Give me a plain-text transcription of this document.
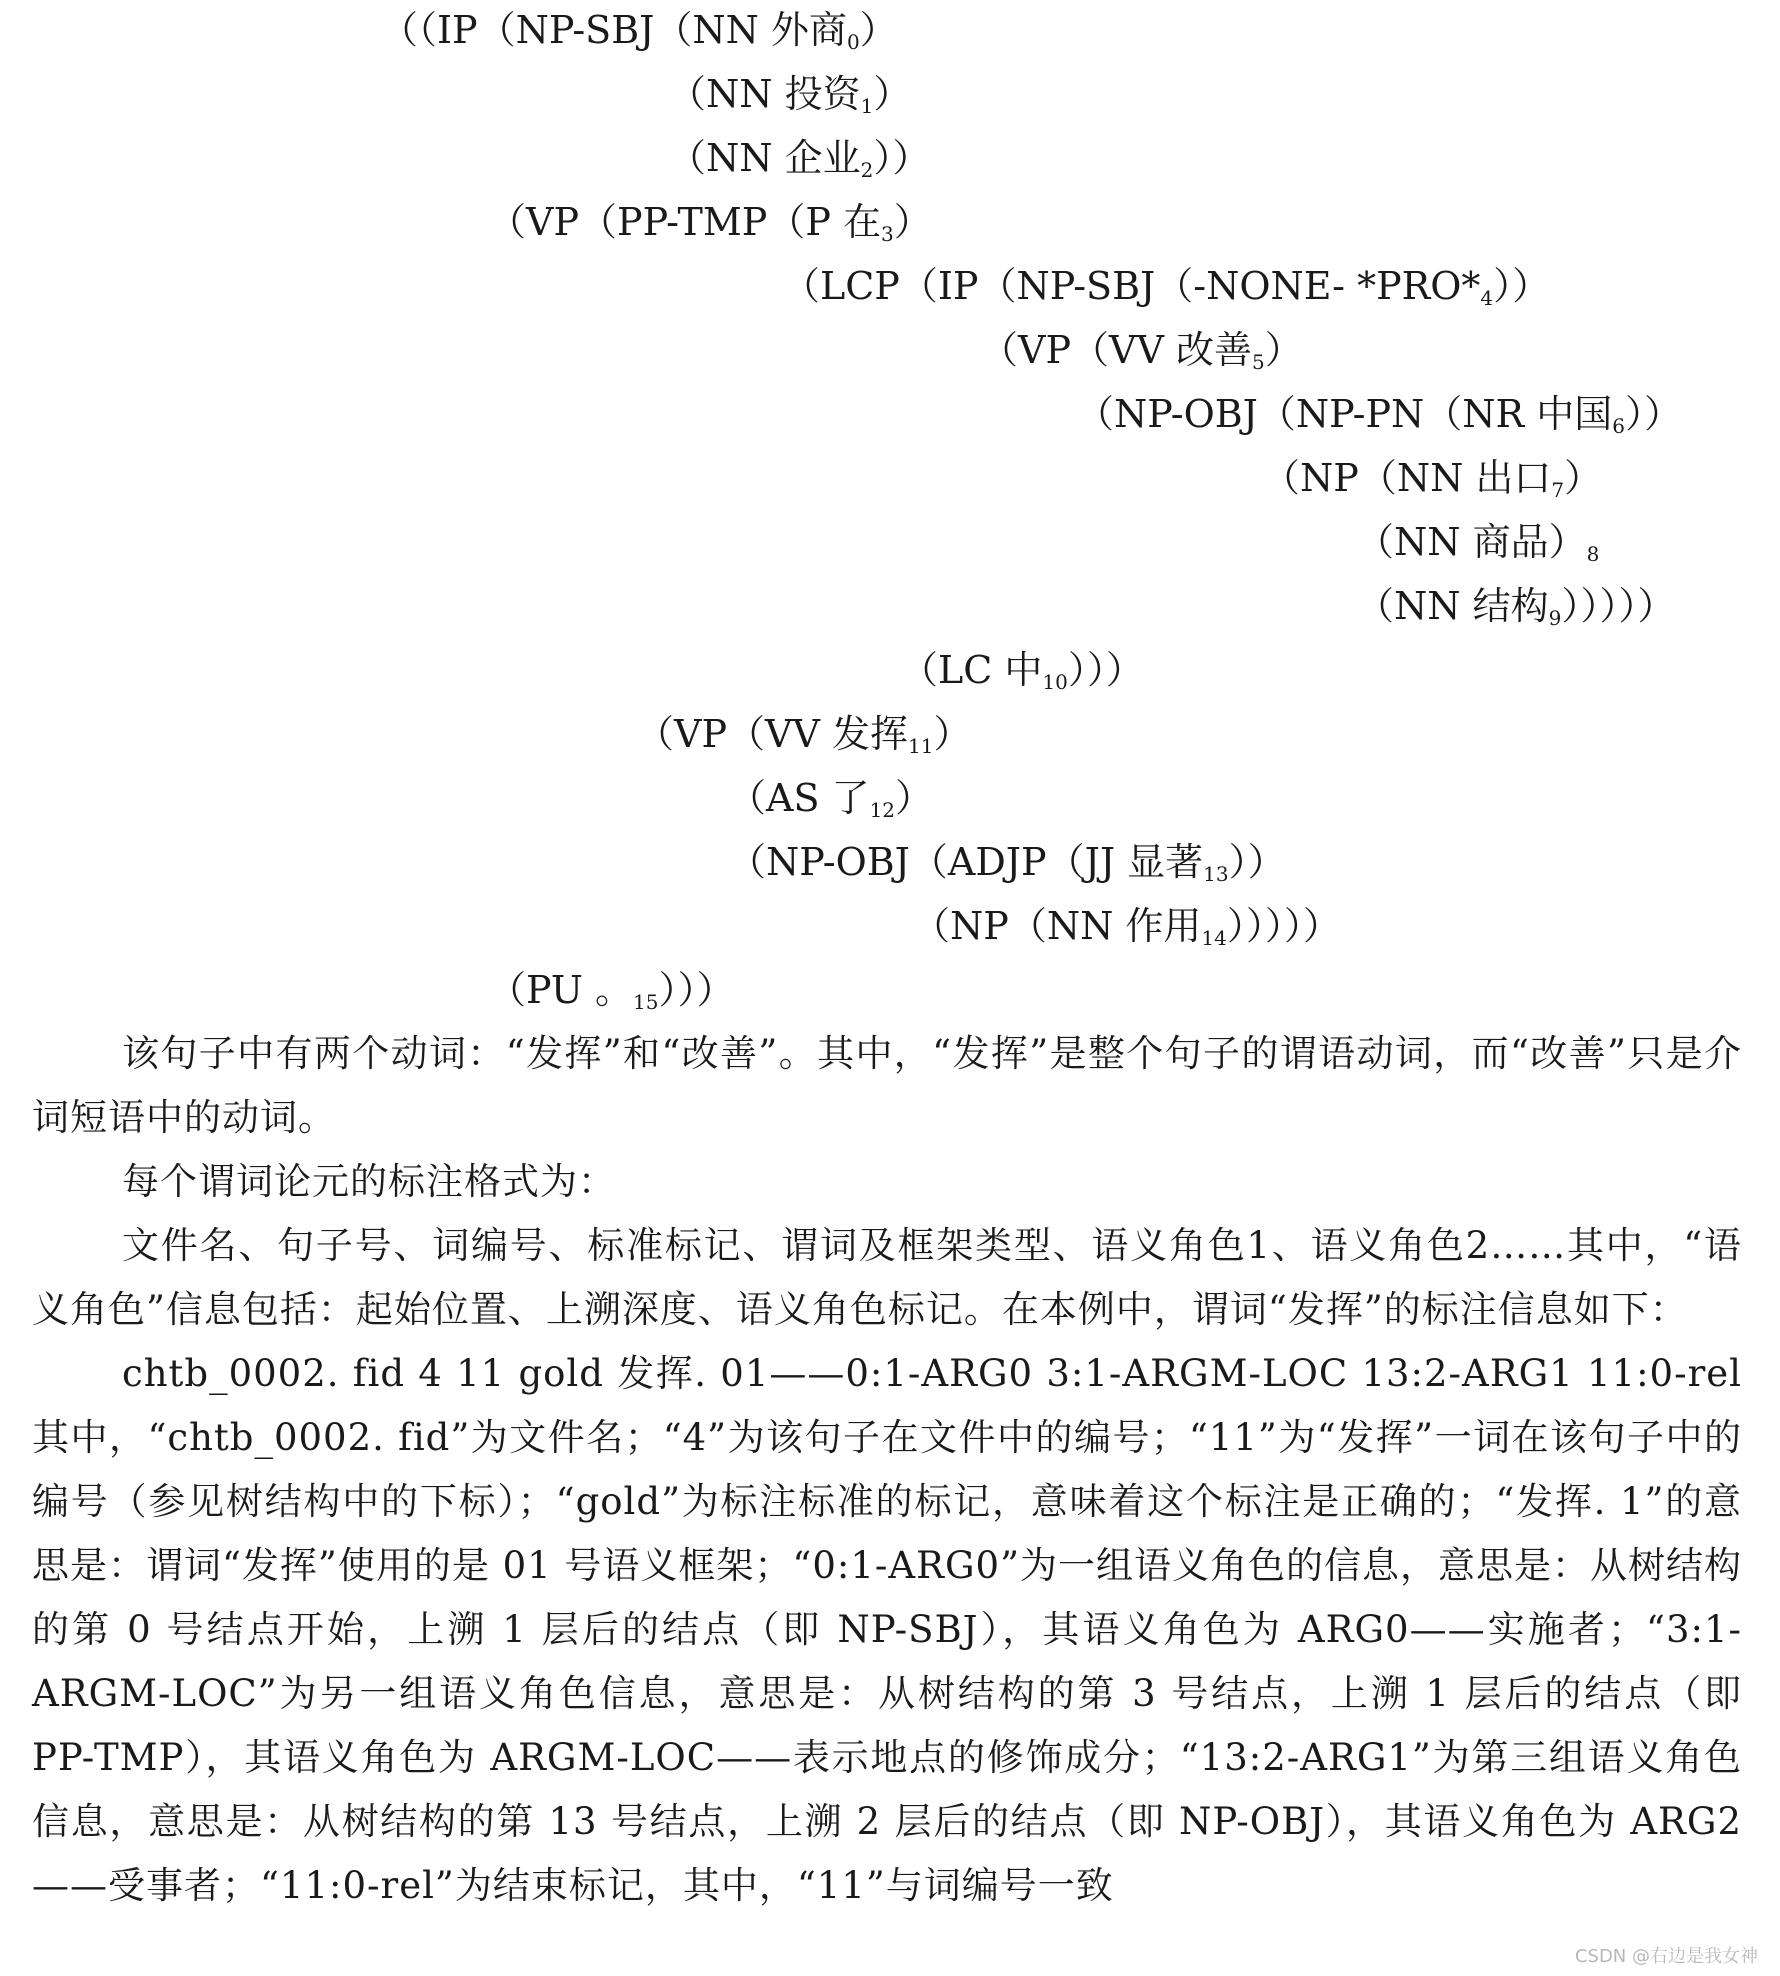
（（IP（NP-SBJ（NN 外商$_0$）
（NN 投资$_1$）
（NN 企业$_2$））
（VP（PP-TMP（P 在$_3$）
（LCP（IP（NP-SBJ（-NONE- $*PRO*_4$））
（VP（VV 改善$_5$）
（NP-OBJ（NP-PN（NR 中国$_6$））
（NP（NN 出口$_7$）
（NN 商品）$_8$
（NN 结构$_9$）））））
（LC 中$_{10}$）））
（VP（VV 发挥$_{11}$）
（AS 了$_{12}$）
（NP-OBJ（ADJP（JJ 显著$_{13}$））
（NP（NN 作用$_{14}$）））））
（PU 。$_{15}$）））

该句子中有两个动词：“发挥”和“改善”。其中，“发挥”是整个句子的谓语动词，而“改善”只是介词短语中的动词。

每个谓词论元的标注格式为：

文件名、句子号、词编号、标准标记、谓词及框架类型、语义角色1、语义角色2……其中，“语义角色”信息包括：起始位置、上溯深度、语义角色标记。在本例中，谓词“发挥”的标注信息如下：

chtb_0002. fid 4 11 gold 发挥. 01——0:1-ARG0 3:1-ARGM-LOC 13:2-ARG1 11:0-rel 其中，“chtb_0002. fid”为文件名；“4”为该句子在文件中的编号；“11”为“发挥”一词在该句子中的编号（参见树结构中的下标）；“gold”为标注标准的标记，意味着这个标注是正确的；“发挥. 1”的意思是：谓词“发挥”使用的是 01 号语义框架；“0:1-ARG0”为一组语义角色的信息，意思是：从树结构的第 0 号结点开始，上溯 1 层后的结点（即 NP-SBJ），其语义角色为 ARG0——实施者；“3:1-ARGM-LOC”为另一组语义角色信息，意思是：从树结构的第 3 号结点，上溯 1 层后的结点（即 PP-TMP），其语义角色为 ARGM-LOC——表示地点的修饰成分；“13:2-ARG1”为第三组语义角色信息，意思是：从树结构的第 13 号结点，上溯 2 层后的结点（即 NP-OBJ），其语义角色为 ARG2 ——受事者；“11:0-rel”为结束标记，其中，“11”与词编号一致

CSDN @右边是我女神
